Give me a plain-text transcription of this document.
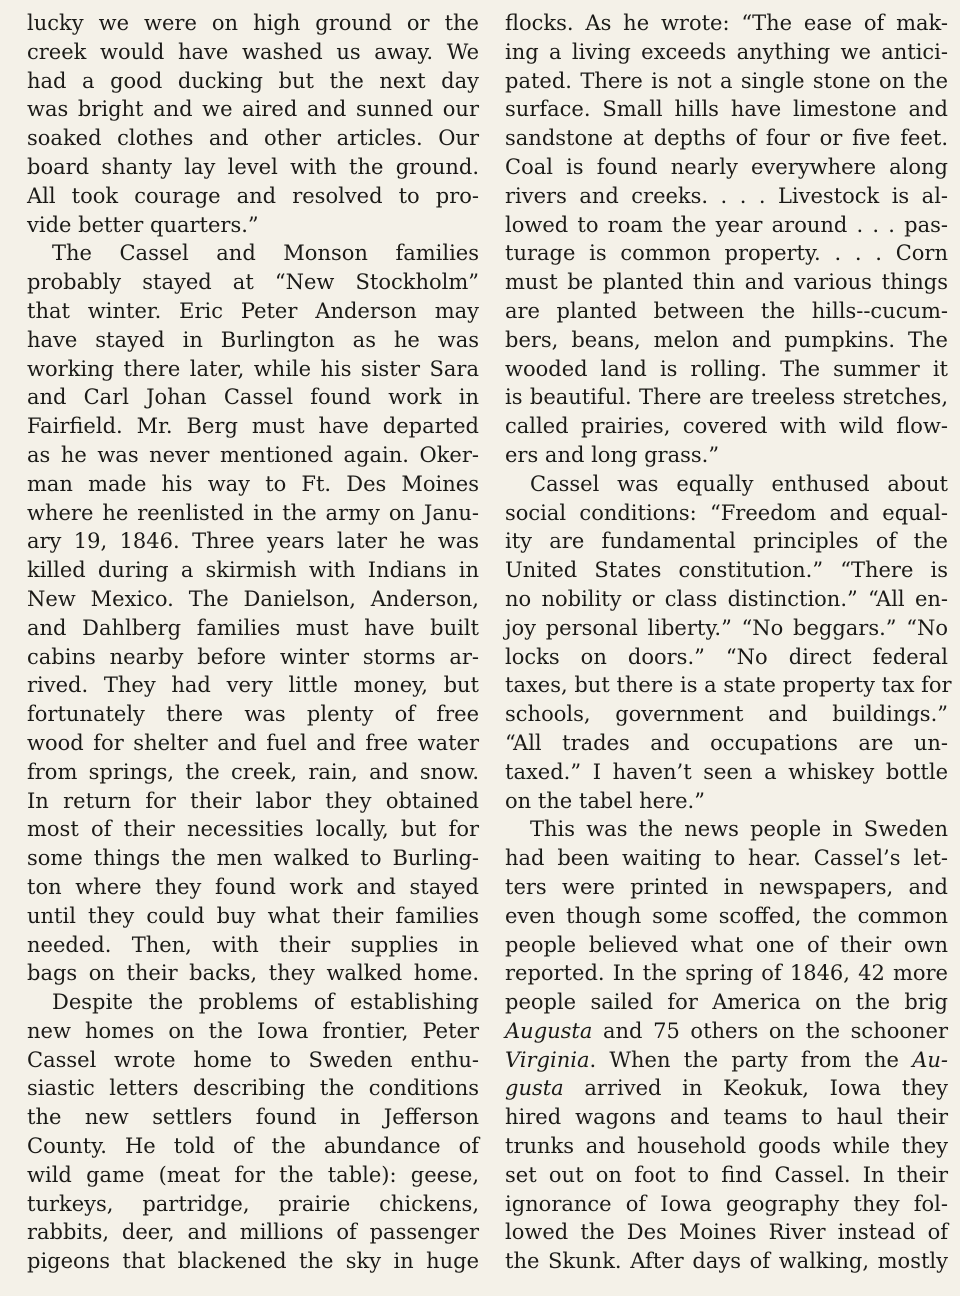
lucky we were on high ground or the
creek would have washed us away. We
had a good ducking but the next day
was bright and we aired and sunned our
soaked clothes and other articles. Our
board shanty lay level with the ground.
All took courage and resolved to pro-
vide better quarters.”
The Cassel and Monson families
probably stayed at “New Stockholm”
that winter. Eric Peter Anderson may
have stayed in Burlington as he was
working there later, while his sister Sara
and Carl Johan Cassel found work in
Fairfield. Mr. Berg must have departed
as he was never mentioned again. Oker-
man made his way to Ft. Des Moines
where he reenlisted in the army on Janu-
ary 19, 1846. Three years later he was
killed during a skirmish with Indians in
New Mexico. The Danielson, Anderson,
and Dahlberg families must have built
cabins nearby before winter storms ar-
rived. They had very little money, but
fortunately there was plenty of free
wood for shelter and fuel and free water
from springs, the creek, rain, and snow.
In return for their labor they obtained
most of their necessities locally, but for
some things the men walked to Burling-
ton where they found work and stayed
until they could buy what their families
needed. Then, with their supplies in
bags on their backs, they walked home.
Despite the problems of establishing
new homes on the Iowa frontier, Peter
Cassel wrote home to Sweden enthu-
siastic letters describing the conditions
the new settlers found in Jefferson
County. He told of the abundance of
wild game (meat for the table): geese,
turkeys, partridge, prairie chickens,
rabbits, deer, and millions of passenger
pigeons that blackened the sky in huge
flocks. As he wrote: “The ease of mak-
ing a living exceeds anything we antici-
pated. There is not a single stone on the
surface. Small hills have limestone and
sandstone at depths of four or five feet.
Coal is found nearly everywhere along
rivers and creeks. . . . Livestock is al-
lowed to roam the year around . . . pas-
turage is common property. . . . Corn
must be planted thin and various things
are planted between the hills--cucum-
bers, beans, melon and pumpkins. The
wooded land is rolling. The summer it
is beautiful. There are treeless stretches,
called prairies, covered with wild flow-
ers and long grass.”
Cassel was equally enthused about
social conditions: “Freedom and equal-
ity are fundamental principles of the
United States constitution.” “There is
no nobility or class distinction.” “All en-
joy personal liberty.” “No beggars.” “No
locks on doors.” “No direct federal
taxes, but there is a state property tax for
schools, government and buildings.”
“All trades and occupations are un-
taxed.” I haven’t seen a whiskey bottle
on the tabel here.”
This was the news people in Sweden
had been waiting to hear. Cassel’s let-
ters were printed in newspapers, and
even though some scoffed, the common
people believed what one of their own
reported. In the spring of 1846, 42 more
people sailed for America on the brig
Augusta and 75 others on the schooner
Virginia. When the party from the Au-
gusta arrived in Keokuk, Iowa they
hired wagons and teams to haul their
trunks and household goods while they
set out on foot to find Cassel. In their
ignorance of Iowa geography they fol-
lowed the Des Moines River instead of
the Skunk. After days of walking, mostly
